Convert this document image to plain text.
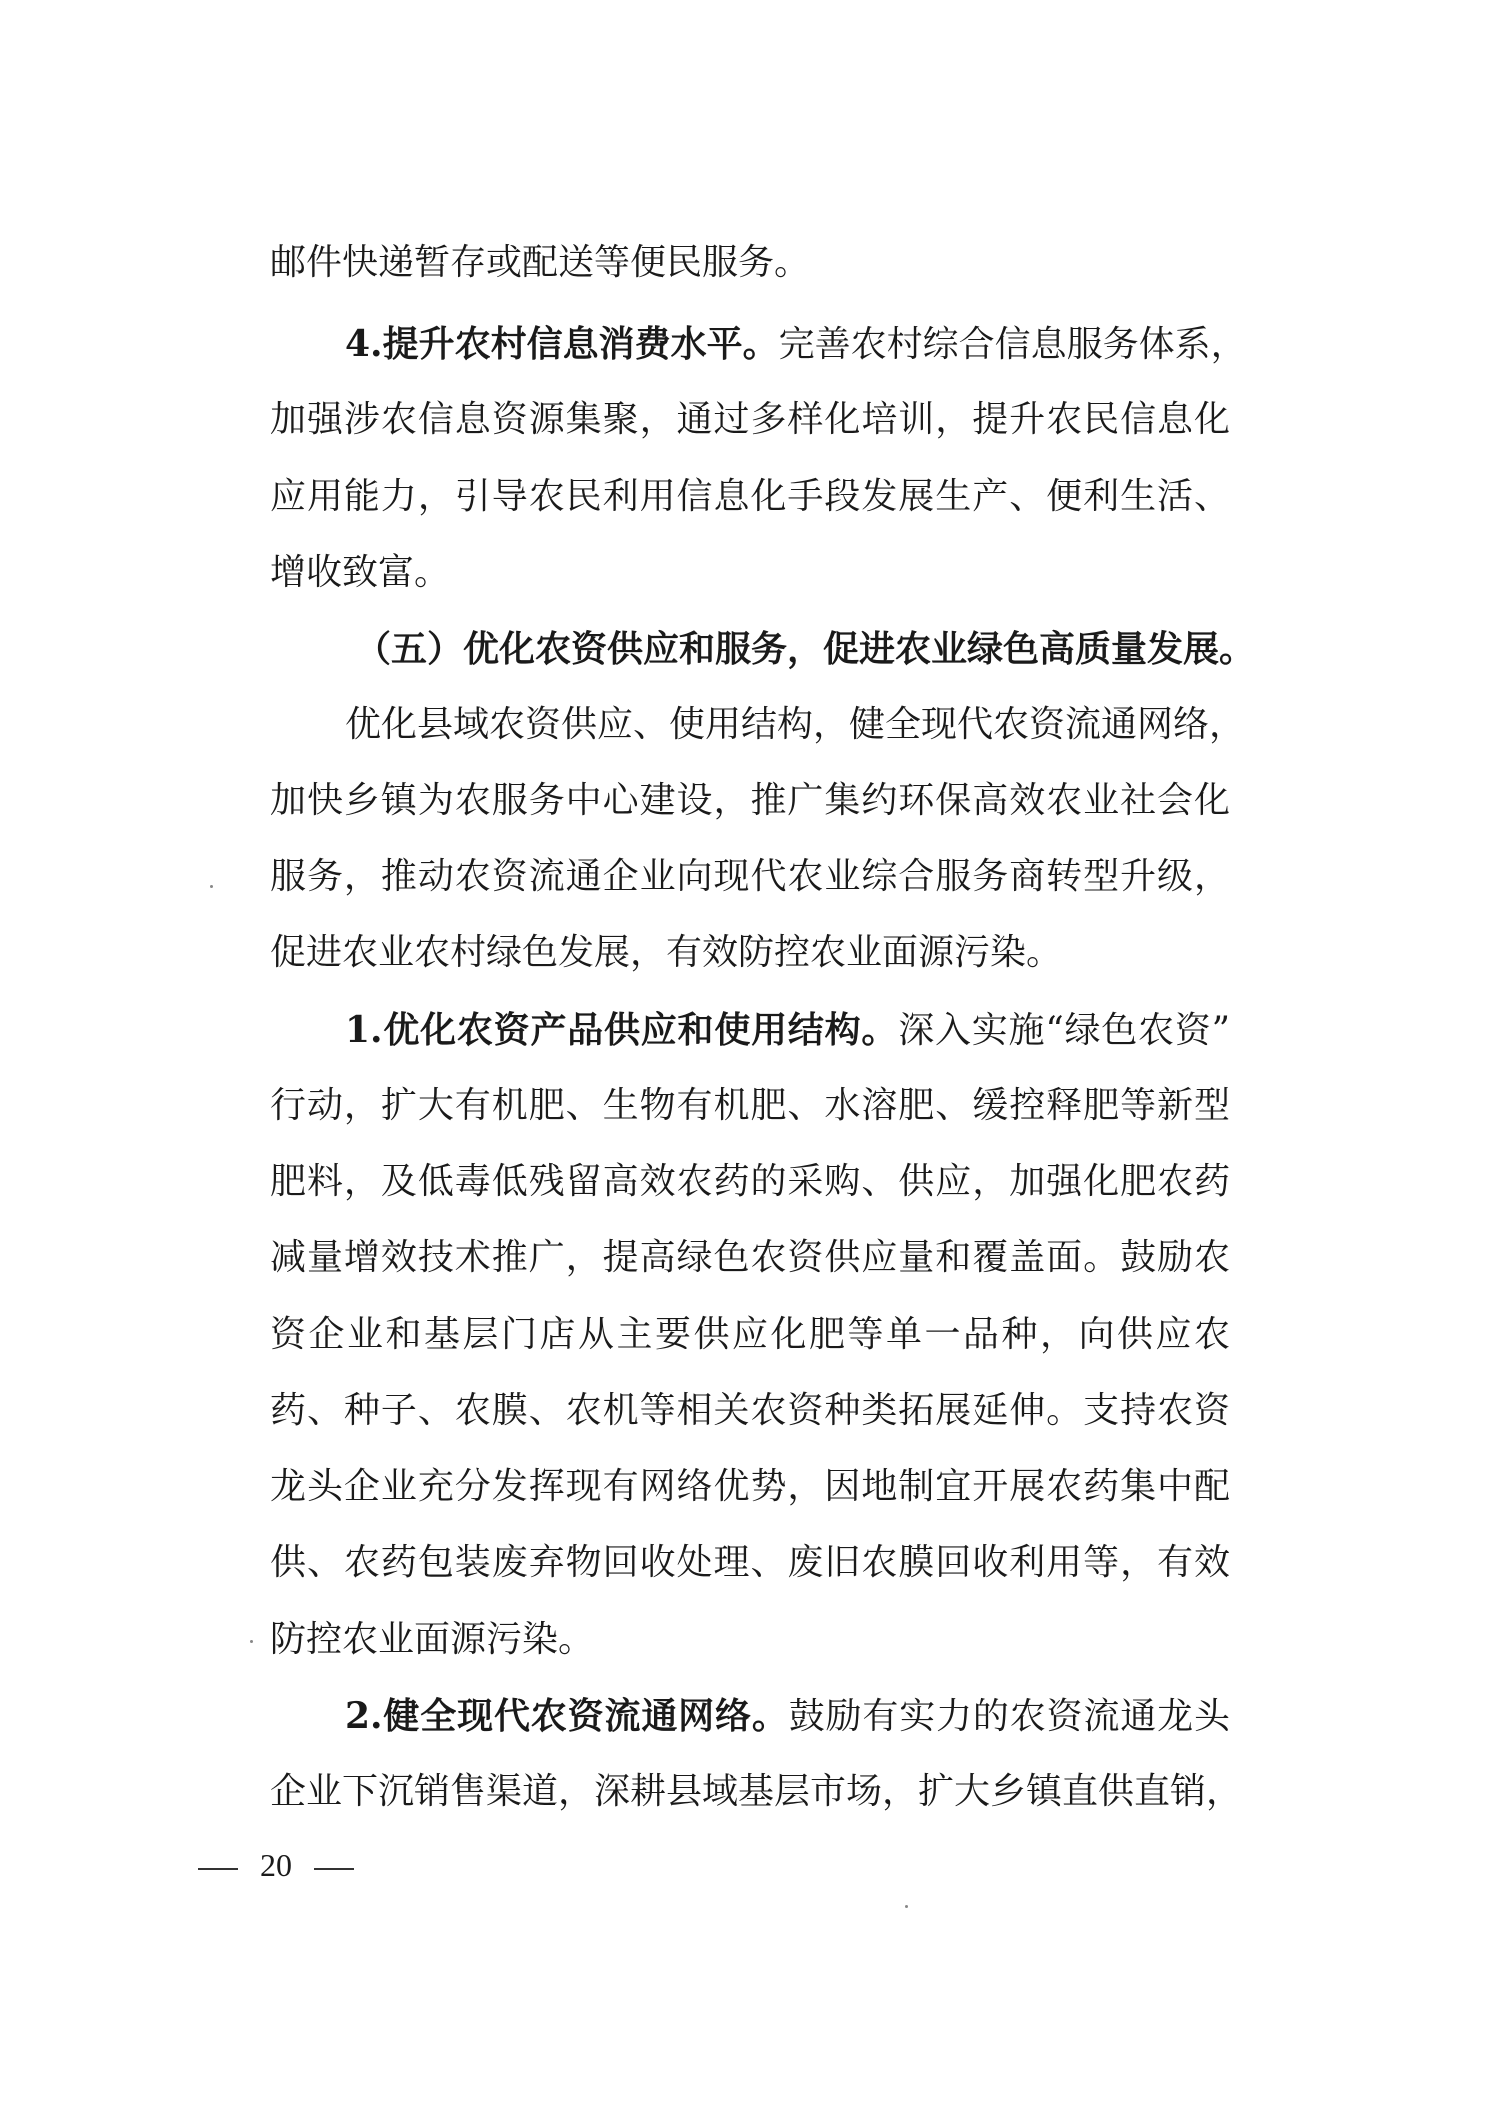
邮件快递暂存或配送等便民服务。
4.提升农村信息消费水平。完善农村综合信息服务体系，
加强涉农信息资源集聚，通过多样化培训，提升农民信息化
应用能力，引导农民利用信息化手段发展生产、便利生活、
增收致富。
（五）优化农资供应和服务，促进农业绿色高质量发展。
优化县域农资供应、使用结构，健全现代农资流通网络，
加快乡镇为农服务中心建设，推广集约环保高效农业社会化
服务，推动农资流通企业向现代农业综合服务商转型升级，
促进农业农村绿色发展，有效防控农业面源污染。
1.优化农资产品供应和使用结构。深入实施“绿色农资”
行动，扩大有机肥、生物有机肥、水溶肥、缓控释肥等新型
肥料，及低毒低残留高效农药的采购、供应，加强化肥农药
减量增效技术推广，提高绿色农资供应量和覆盖面。鼓励农
资企业和基层门店从主要供应化肥等单一品种，向供应农
药、种子、农膜、农机等相关农资种类拓展延伸。支持农资
龙头企业充分发挥现有网络优势，因地制宜开展农药集中配
供、农药包装废弃物回收处理、废旧农膜回收利用等，有效
防控农业面源污染。
2.健全现代农资流通网络。鼓励有实力的农资流通龙头
企业下沉销售渠道，深耕县域基层市场，扩大乡镇直供直销，
20
